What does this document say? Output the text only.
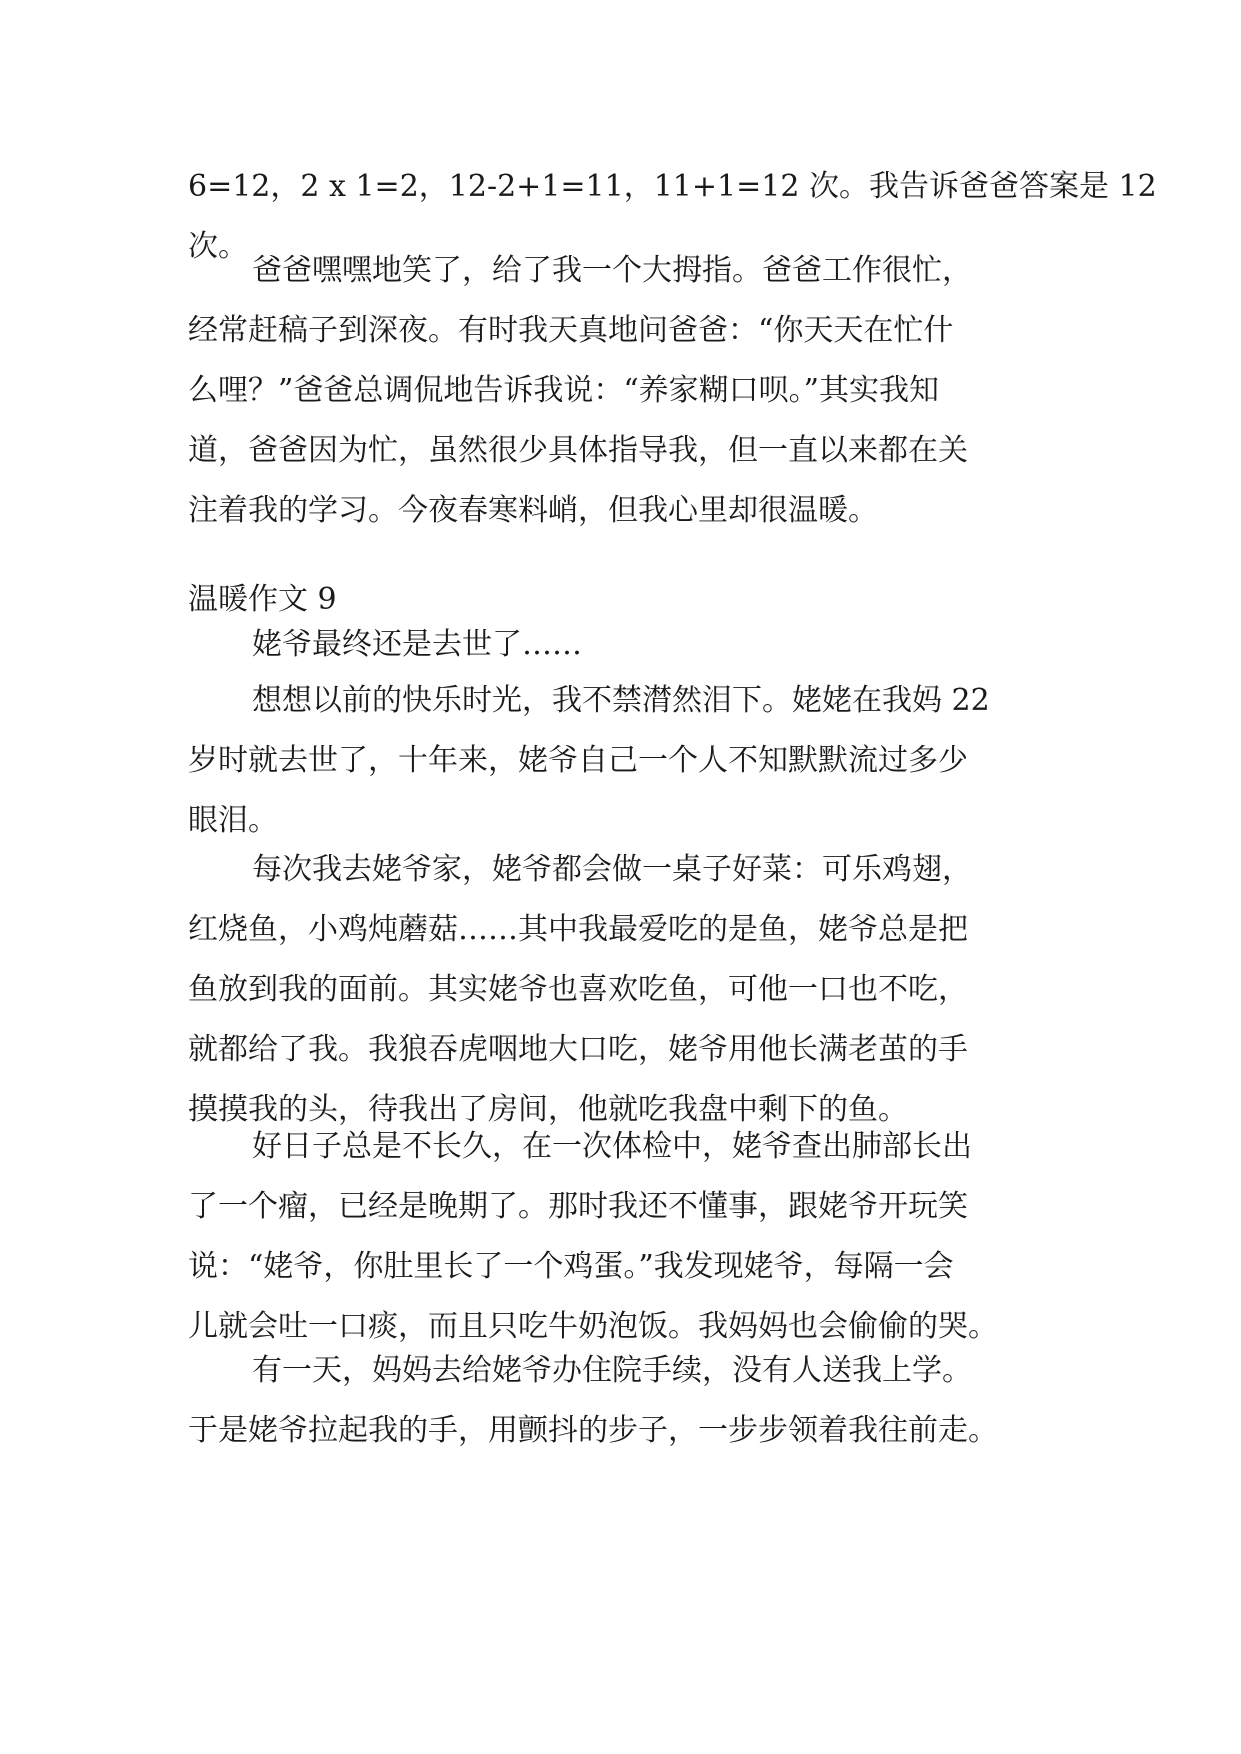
6=12，2 x 1=2，12-2+1=11，11+1=12 次。我告诉爸爸答案是 12
次。
爸爸嘿嘿地笑了，给了我一个大拇指。爸爸工作很忙，
经常赶稿子到深夜。有时我天真地问爸爸：“你天天在忙什
么哩？”爸爸总调侃地告诉我说：“养家糊口呗。”其实我知
道，爸爸因为忙，虽然很少具体指导我，但一直以来都在关
注着我的学习。今夜春寒料峭，但我心里却很温暖。
温暖作文 9
姥爷最终还是去世了……
想想以前的快乐时光，我不禁潸然泪下。姥姥在我妈 22
岁时就去世了，十年来，姥爷自己一个人不知默默流过多少
眼泪。
每次我去姥爷家，姥爷都会做一桌子好菜：可乐鸡翅，
红烧鱼，小鸡炖蘑菇……其中我最爱吃的是鱼，姥爷总是把
鱼放到我的面前。其实姥爷也喜欢吃鱼，可他一口也不吃，
就都给了我。我狼吞虎咽地大口吃，姥爷用他长满老茧的手
摸摸我的头，待我出了房间，他就吃我盘中剩下的鱼。
好日子总是不长久，在一次体检中，姥爷查出肺部长出
了一个瘤，已经是晚期了。那时我还不懂事，跟姥爷开玩笑
说：“姥爷，你肚里长了一个鸡蛋。”我发现姥爷，每隔一会
儿就会吐一口痰，而且只吃牛奶泡饭。我妈妈也会偷偷的哭。
有一天，妈妈去给姥爷办住院手续，没有人送我上学。
于是姥爷拉起我的手，用颤抖的步子，一步步领着我往前走。
